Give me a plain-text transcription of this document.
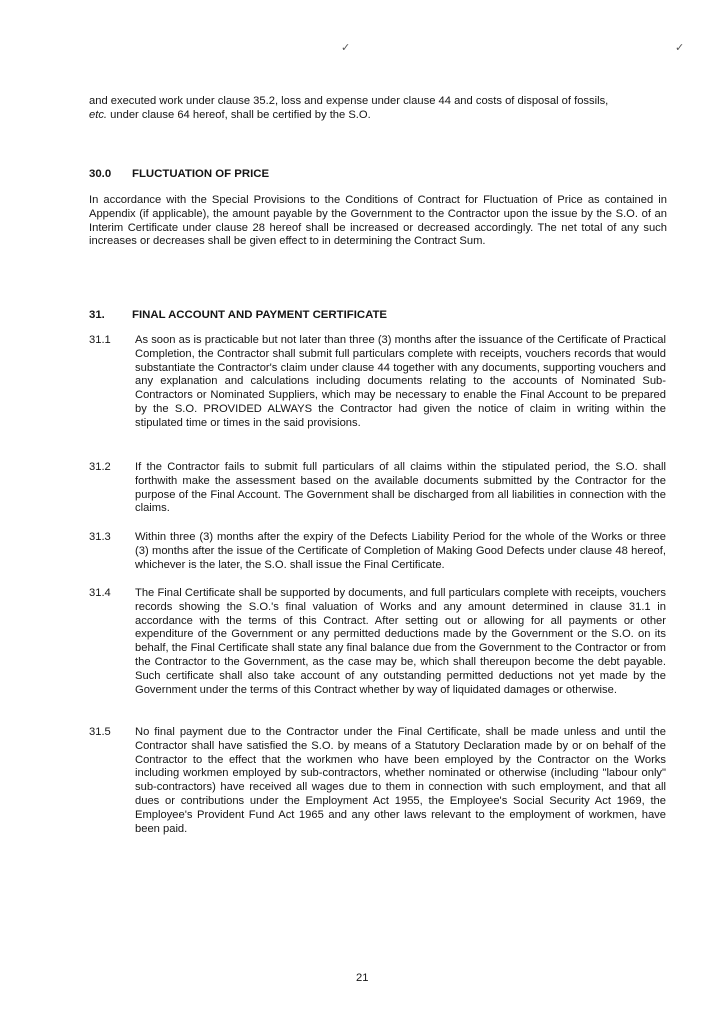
✓	✓

and executed work under clause 35.2, loss and expense under clause 44 and costs of disposal of fossils,
etc. under clause 64 hereof, shall be certified by the S.O.

30.0 FLUCTUATION OF PRICE

In accordance with the Special Provisions to the Conditions of Contract for Fluctuation of Price as contained in Appendix (if applicable), the amount payable by the Government to the Contractor upon the issue by the S.O. of an Interim Certificate under clause 28 hereof shall be increased or decreased accordingly. The net total of any such increases or decreases shall be given effect to in determining the Contract Sum.

31. FINAL ACCOUNT AND PAYMENT CERTIFICATE

31.1 As soon as is practicable but not later than three (3) months after the issuance of the Certificate of Practical Completion, the Contractor shall submit full particulars complete with receipts, vouchers records that would substantiate the Contractor's claim under clause 44 together with any documents, supporting vouchers and any explanation and calculations including documents relating to the accounts of Nominated Sub-Contractors or Nominated Suppliers, which may be necessary to enable the Final Account to be prepared by the S.O. PROVIDED ALWAYS the Contractor had given the notice of claim in writing within the stipulated time or times in the said provisions.
31.2 If the Contractor fails to submit full particulars of all claims within the stipulated period, the S.O. shall forthwith make the assessment based on the available documents submitted by the Contractor for the purpose of the Final Account. The Government shall be discharged from all liabilities in connection with the claims.
31.3 Within three (3) months after the expiry of the Defects Liability Period for the whole of the Works or three (3) months after the issue of the Certificate of Completion of Making Good Defects under clause 48 hereof, whichever is the later, the S.O. shall issue the Final Certificate.
31.4 The Final Certificate shall be supported by documents, and full particulars complete with receipts, vouchers records showing the S.O.'s final valuation of Works and any amount determined in clause 31.1 in accordance with the terms of this Contract. After setting out or allowing for all payments or other expenditure of the Government or any permitted deductions made by the Government or the S.O. on its behalf, the Final Certificate shall state any final balance due from the Government to the Contractor or from the Contractor to the Government, as the case may be, which shall thereupon become the debt payable. Such certificate shall also take account of any outstanding permitted deductions not yet made by the Government under the terms of this Contract whether by way of liquidated damages or otherwise.
31.5 No final payment due to the Contractor under the Final Certificate, shall be made unless and until the Contractor shall have satisfied the S.O. by means of a Statutory Declaration made by or on behalf of the Contractor to the effect that the workmen who have been employed by the Contractor on the Works including workmen employed by sub-contractors, whether nominated or otherwise (including "labour only" sub-contractors) have received all wages due to them in connection with such employment, and that all dues or contributions under the Employment Act 1955, the Employee's Social Security Act 1969, the Employee's Provident Fund Act 1965 and any other laws relevant to the employment of workmen, have been paid.
21
